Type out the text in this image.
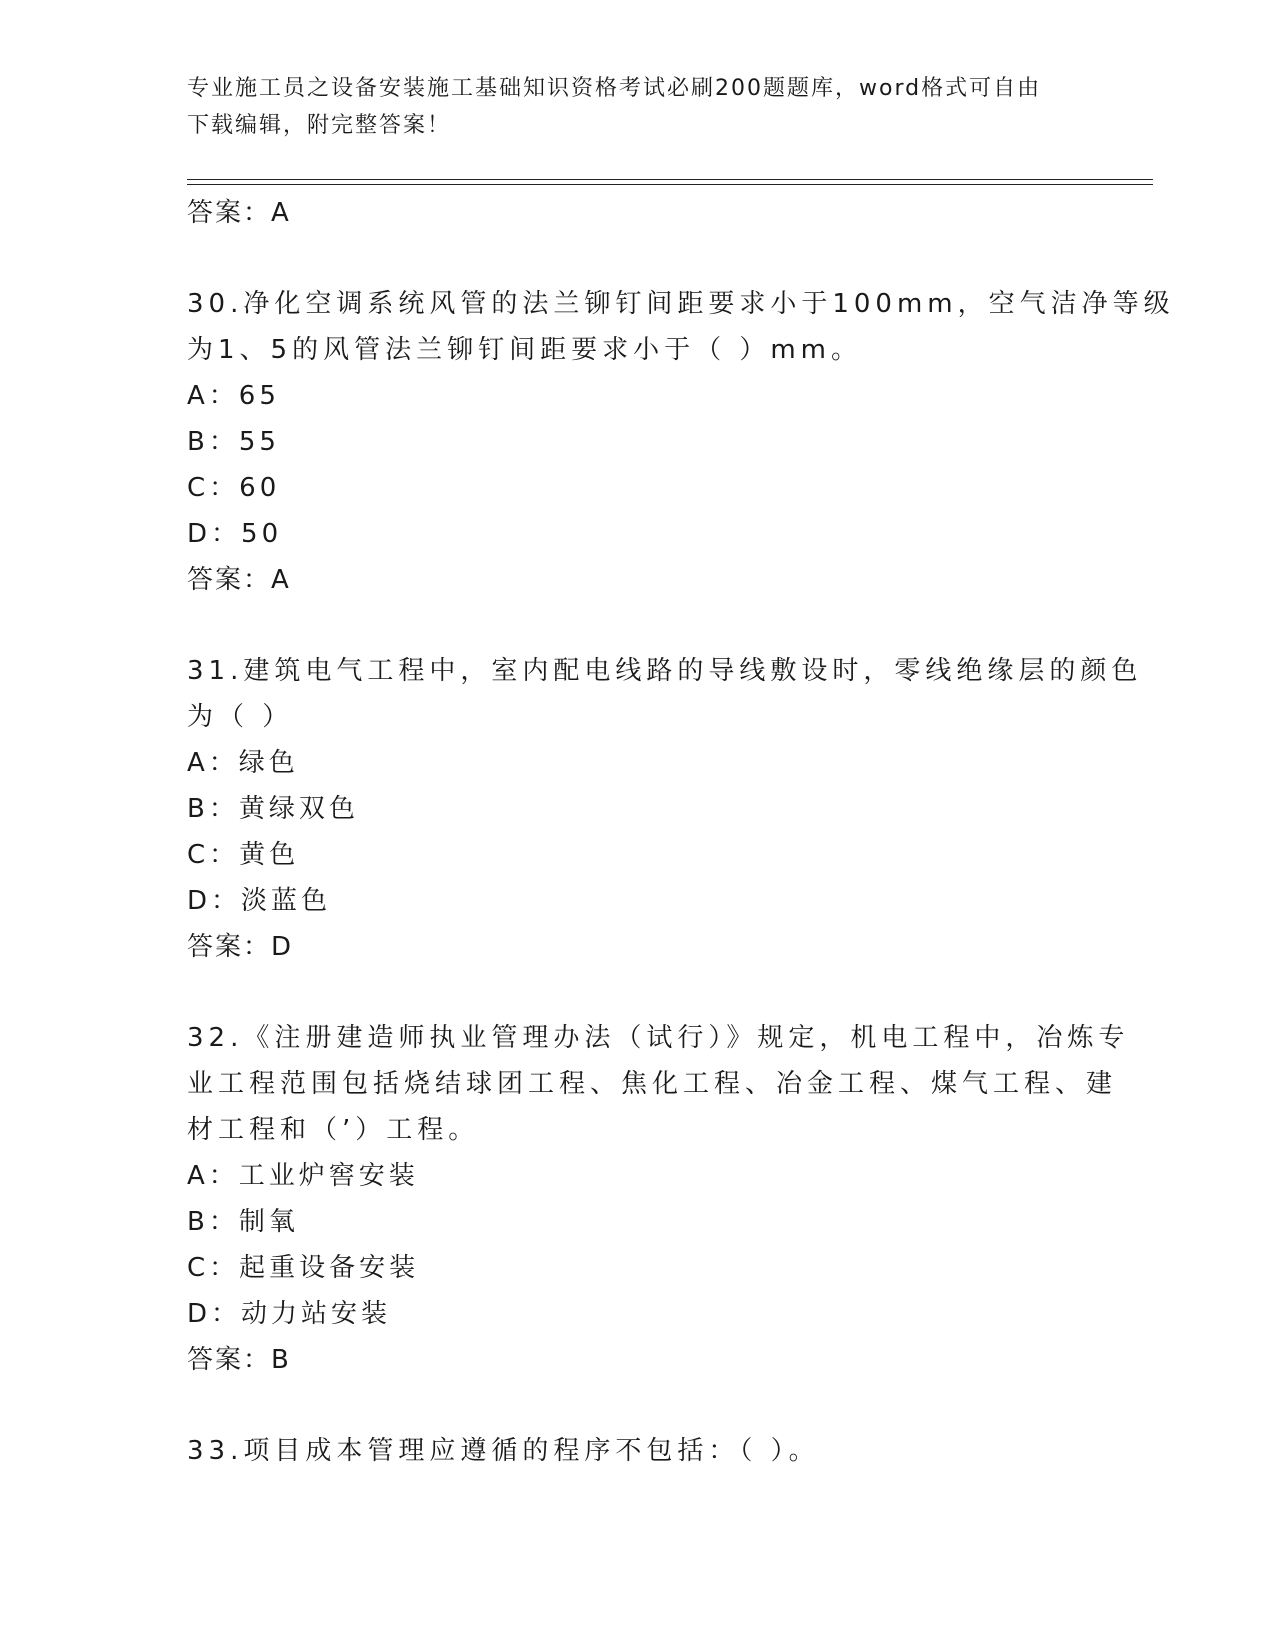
专业施工员之设备安装施工基础知识资格考试必刷200题题库，word格式可自由
下载编辑，附完整答案！
答案：A
30.净化空调系统风管的法兰铆钉间距要求小于100mm，空气洁净等级
为1、5的风管法兰铆钉间距要求小于（ ）mm。
A：65
B：55
C：60
D：50
答案：A
31.建筑电气工程中，室内配电线路的导线敷设时，零线绝缘层的颜色
为（ ）
A：绿色
B：黄绿双色
C：黄色
D：淡蓝色
答案：D
32.《注册建造师执业管理办法（试行）》规定，机电工程中，冶炼专
业工程范围包括烧结球团工程、焦化工程、冶金工程、煤气工程、建
材工程和（’）工程。
A：工业炉窖安装
B：制氧
C：起重设备安装
D：动力站安装
答案：B
33.项目成本管理应遵循的程序不包括：（ ）。
